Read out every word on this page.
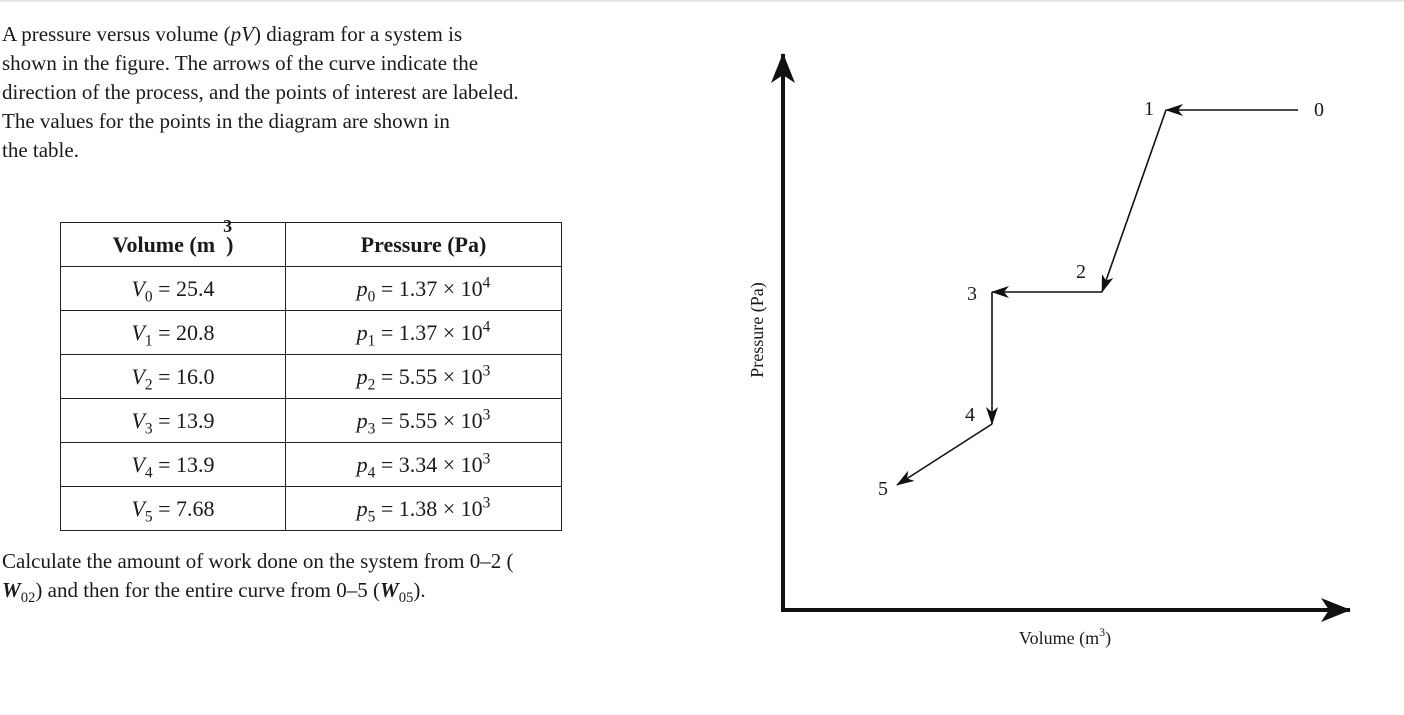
A pressure versus volume (pV) diagram for a system is
shown in the figure. The arrows of the curve indicate the
direction of the process, and the points of interest are labeled.
The values for the points in the diagram are shown in
the table.

Volume (m
3
)	Pressure (Pa)
$V_0 = 25.4$	$p_0 = 1.37 \times 10^4$
$V_1 = 20.8$	$p_1 = 1.37 \times 10^4$
$V_2 = 16.0$	$p_2 = 5.55 \times 10^3$
$V_3 = 13.9$	$p_3 = 5.55 \times 10^3$
$V_4 = 13.9$	$p_4 = 3.34 \times 10^3$
$V_5 = 7.68$	$p_5 = 1.38 \times 10^3$

Calculate the amount of work done on the system from 0–2 (
$W_{02}$) and then for the entire curve from 0–5 $(W_{05})$.

0
1
2
3
4
5
Pressure (Pa)
Volume $(m^3)$
